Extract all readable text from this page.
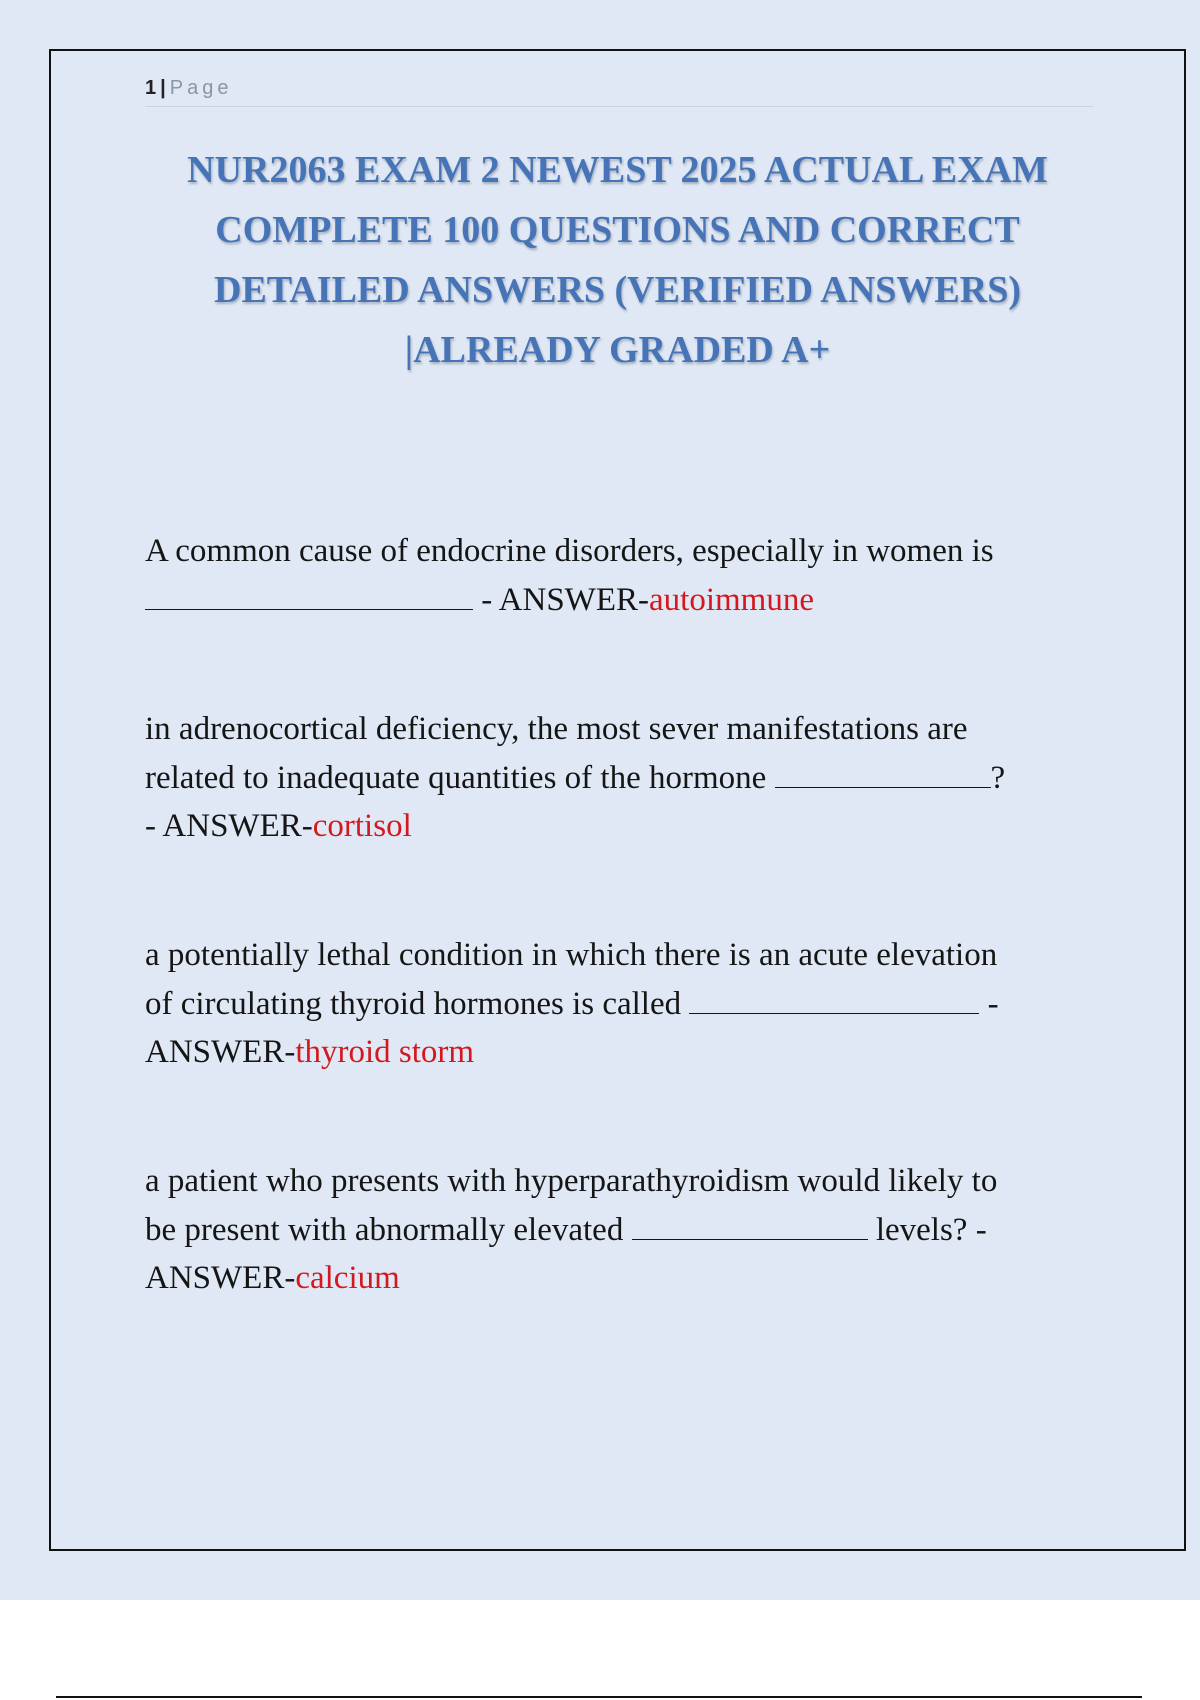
1 | Page
NUR2063 EXAM 2 NEWEST 2025 ACTUAL EXAM
COMPLETE 100 QUESTIONS AND CORRECT
DETAILED ANSWERS (VERIFIED ANSWERS)
|ALREADY GRADED A+
A common cause of endocrine disorders, especially in women is
- ANSWER-autoimmune
in adrenocortical deficiency, the most sever manifestations are
related to inadequate quantities of the hormone	?
- ANSWER-cortisol
a potentially lethal condition in which there is an acute elevation
of circulating thyroid hormones is called	-
ANSWER-thyroid storm
a patient who presents with hyperparathyroidism would likely to
be present with abnormally elevated	levels? -
ANSWER-calcium
